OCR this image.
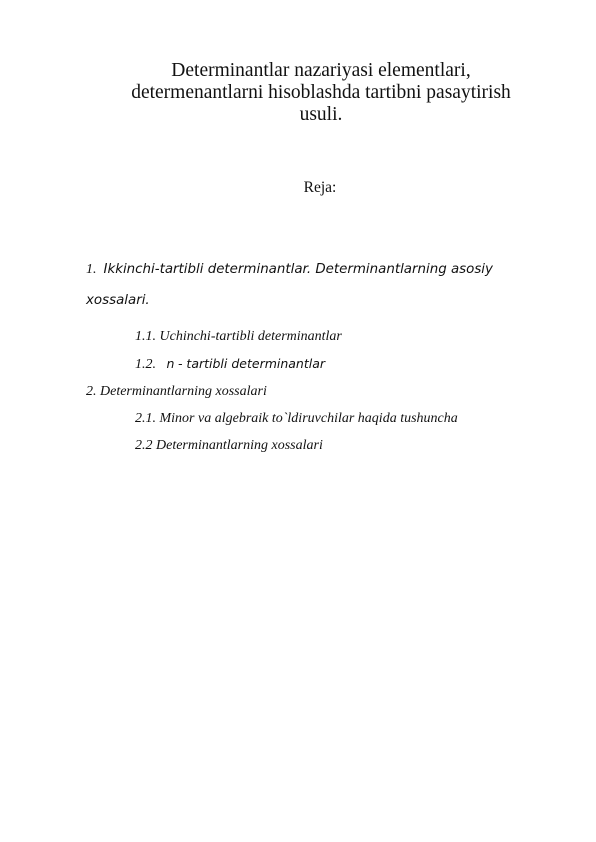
Determinantlar nazariyasi elementlari,
determenantlarni hisoblashda tartibni pasaytirish
usuli.
Reja:
1. Ikkinchi-tartibli determinantlar. Determinantlarning asosiy
xossalari.
1.1. Uchinchi-tartibli determinantlar
1.2. n - tartibli determinantlar
2. Determinantlarning xossalari
2.1. Minor va algebraik to`ldiruvchilar haqida tushuncha
2.2 Determinantlarning xossalari
